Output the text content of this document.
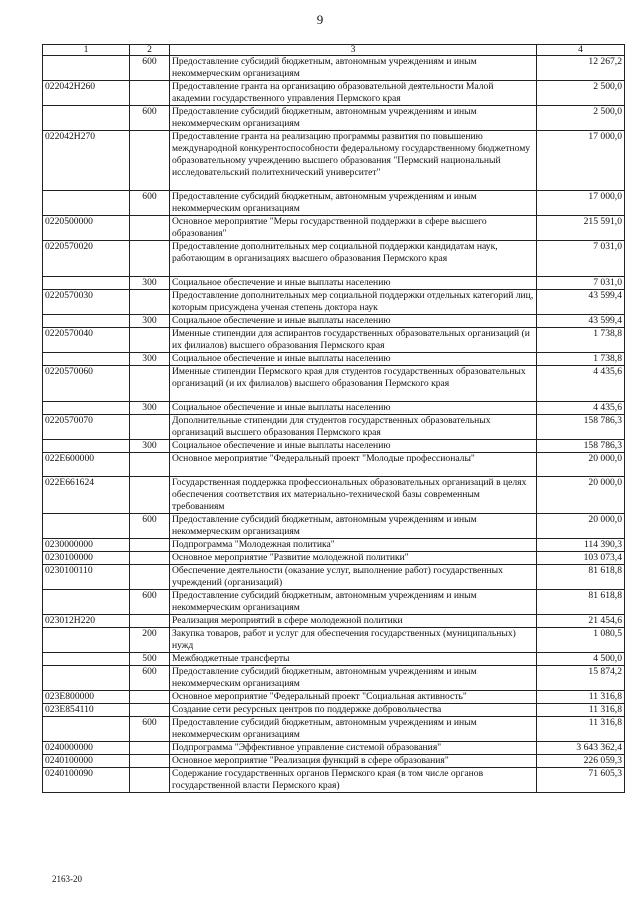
9
1	2	3	4
	600	Предоставление субсидий бюджетным, автономным учреждениям и иным некоммерческим организациям	12 267,2
022042Н260		Предоставление гранта на организацию образовательной деятельности Малой академии государственного управления Пермского края	2 500,0
	600	Предоставление субсидий бюджетным, автономным учреждениям и иным некоммерческим организациям	2 500,0
022042Н270		Предоставление гранта на реализацию программы развития по повышению международной конкурентоспособности федеральному государственному бюджетному образовательному учреждению высшего образования "Пермский национальный исследовательский политехнический университет"	17 000,0
	600	Предоставление субсидий бюджетным, автономным учреждениям и иным некоммерческим организациям	17 000,0
0220500000		Основное мероприятие "Меры государственной поддержки в сфере высшего образования"	215 591,0
0220570020		Предоставление дополнительных мер социальной поддержки кандидатам наук, работающим в организациях высшего образования Пермского края	7 031,0
	300	Социальное обеспечение и иные выплаты населению	7 031,0
0220570030		Предоставление дополнительных мер социальной поддержки отдельных категорий лиц, которым присуждена ученая степень доктора наук	43 599,4
	300	Социальное обеспечение и иные выплаты населению	43 599,4
0220570040		Именные стипендии для аспирантов государственных образовательных организаций (и их филиалов) высшего образования Пермского края	1 738,8
	300	Социальное обеспечение и иные выплаты населению	1 738,8
0220570060		Именные стипендии Пермского края для студентов государственных образовательных организаций (и их филиалов) высшего образования Пермского края	4 435,6
	300	Социальное обеспечение и иные выплаты населению	4 435,6
0220570070		Дополнительные стипендии для студентов государственных образовательных организаций высшего образования Пермского края	158 786,3
	300	Социальное обеспечение и иные выплаты населению	158 786,3
022Е600000		Основное мероприятие "Федеральный проект "Молодые профессионалы"	20 000,0
022Е661624		Государственная поддержка профессиональных образовательных организаций в целях обеспечения соответствия их материально-технической базы современным требованиям	20 000,0
	600	Предоставление субсидий бюджетным, автономным учреждениям и иным некоммерческим организациям	20 000,0
0230000000		Подпрограмма "Молодежная политика"	114 390,3
0230100000		Основное мероприятие "Развитие молодежной политики"	103 073,4
0230100110		Обеспечение деятельности (оказание услуг, выполнение работ) государственных учреждений (организаций)	81 618,8
	600	Предоставление субсидий бюджетным, автономным учреждениям и иным некоммерческим организациям	81 618,8
023012Н220		Реализация мероприятий в сфере молодежной политики	21 454,6
	200	Закупка товаров, работ и услуг для обеспечения государственных (муниципальных) нужд	1 080,5
	500	Межбюджетные трансферты	4 500,0
	600	Предоставление субсидий бюджетным, автономным учреждениям и иным некоммерческим организациям	15 874,2
023Е800000		Основное мероприятие "Федеральный проект "Социальная активность"	11 316,8
023Е854110		Создание сети ресурсных центров по поддержке добровольчества	11 316,8
	600	Предоставление субсидий бюджетным, автономным учреждениям и иным некоммерческим организациям	11 316,8
0240000000		Подпрограмма "Эффективное управление системой образования"	3 643 362,4
0240100000		Основное мероприятие "Реализация функций в сфере образования"	226 059,3
0240100090		Содержание государственных органов Пермского края (в том числе органов государственной власти Пермского края)	71 605,3
2163-20
